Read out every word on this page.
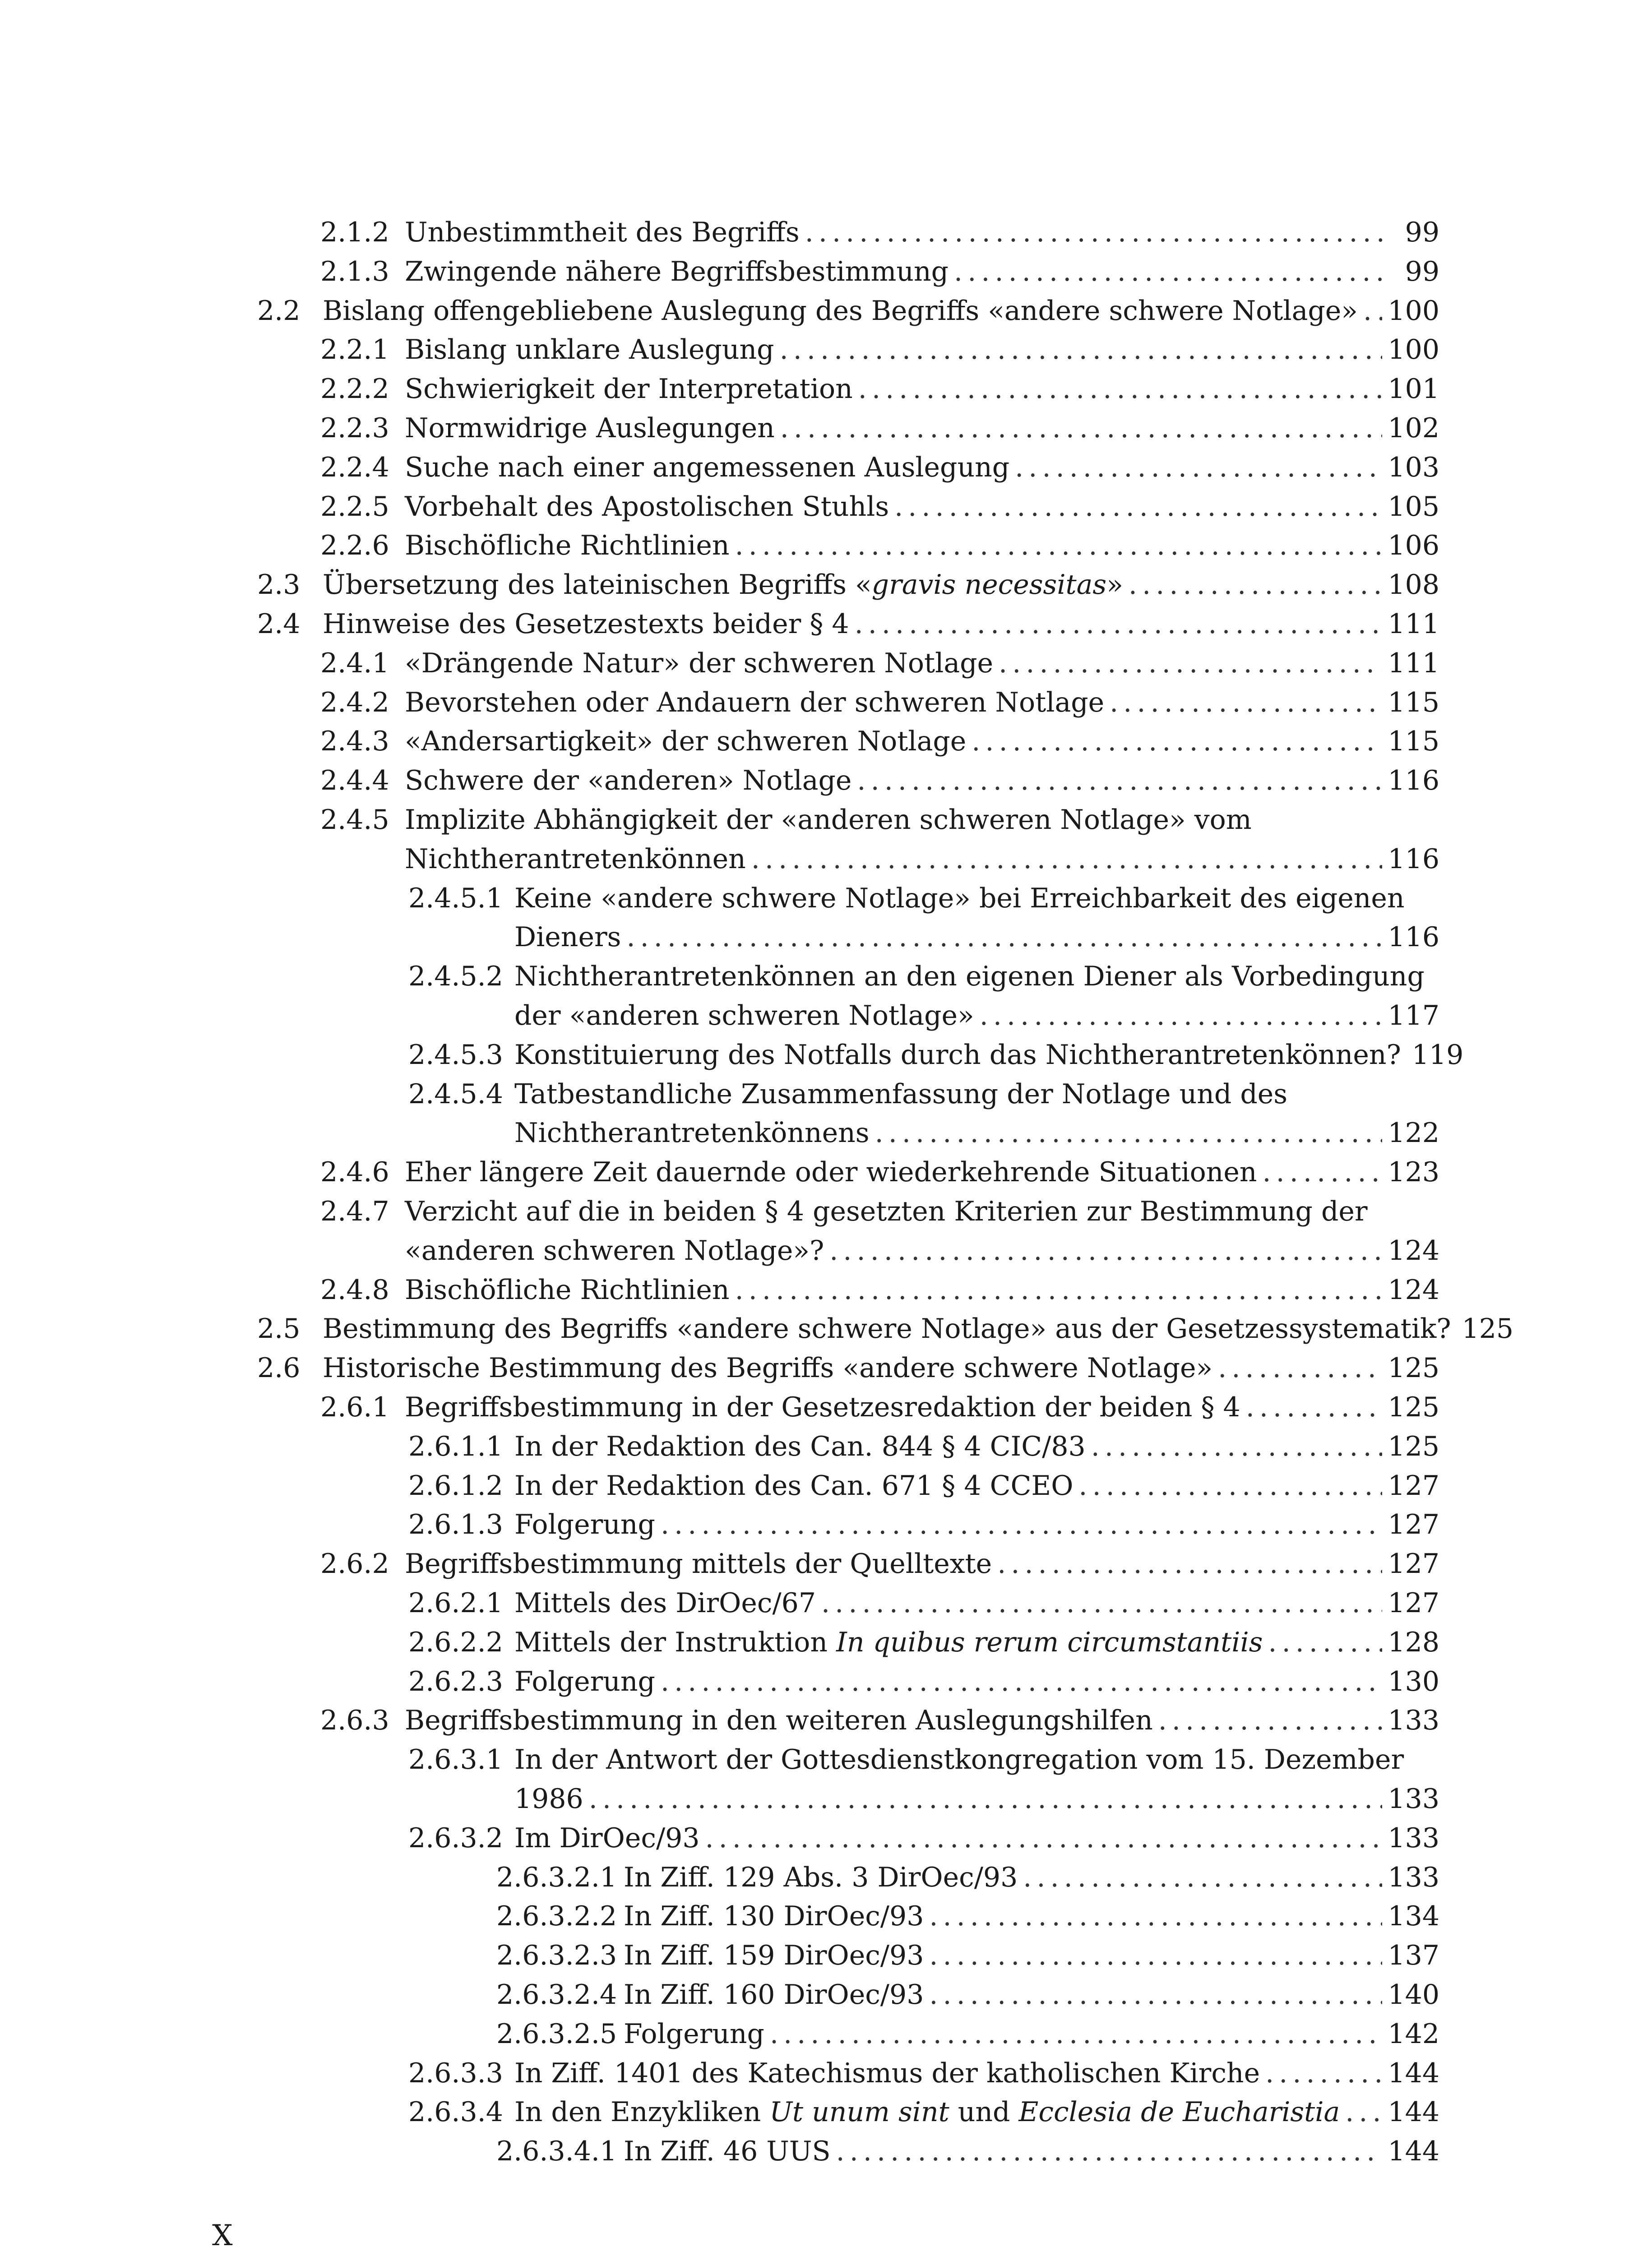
2.1.2 Unbestimmtheit des Begriffs . . .	99
2.1.3 Zwingende nähere Begriffsbestimmung . . .	99
2.2 Bislang offengebliebene Auslegung des Begriffs «andere schwere Notlage» . . . 100
2.2.1 Bislang unklare Auslegung . . .	100
2.2.2 Schwierigkeit der Interpretation . . .	101
2.2.3 Normwidrige Auslegungen . . .	102
2.2.4 Suche nach einer angemessenen Auslegung . . .	103
2.2.5 Vorbehalt des Apostolischen Stuhls . . .	105
2.2.6 Bischöfliche Richtlinien . . .	106
2.3 Übersetzung des lateinischen Begriffs «gravis necessitas» . . .	108
2.4 Hinweise des Gesetzestexts beider § 4 . . .	111
2.4.1 «Drängende Natur» der schweren Notlage . . .	111
2.4.2 Bevorstehen oder Andauern der schweren Notlage . . .	115
2.4.3 «Andersartigkeit» der schweren Notlage . . .	115
2.4.4 Schwere der «anderen» Notlage . . .	116
2.4.5 Implizite Abhängigkeit der «anderen schweren Notlage» vom
Nichtherantretenkönnen . . .	116
2.4.5.1 Keine «andere schwere Notlage» bei Erreichbarkeit des eigenen
Dieners . . .	116
2.4.5.2 Nichtherantretenkönnen an den eigenen Diener als Vorbedingung
der «anderen schweren Notlage» . . .	117
2.4.5.3 Konstituierung des Notfalls durch das Nichtherantretenkönnen? 119
2.4.5.4 Tatbestandliche Zusammenfassung der Notlage und des
Nichtherantretenkönnens . . .	122
2.4.6 Eher längere Zeit dauernde oder wiederkehrende Situationen . . .	123
2.4.7 Verzicht auf die in beiden § 4 gesetzten Kriterien zur Bestimmung der
«anderen schweren Notlage»? . . .	124
2.4.8 Bischöfliche Richtlinien . . .	124
2.5 Bestimmung des Begriffs «andere schwere Notlage» aus der Gesetzessystematik? 125
2.6 Historische Bestimmung des Begriffs «andere schwere Notlage» . . .	125
2.6.1 Begriffsbestimmung in der Gesetzesredaktion der beiden § 4 . . .	125
2.6.1.1 In der Redaktion des Can. 844 § 4 CIC/83 . . .	125
2.6.1.2 In der Redaktion des Can. 671 § 4 CCEO . . .	127
2.6.1.3 Folgerung . . .	127
2.6.2 Begriffsbestimmung mittels der Quelltexte . . .	127
2.6.2.1 Mittels des DirOec/67 . . .	127
2.6.2.2 Mittels der Instruktion In quibus rerum circumstantiis . . .	128
2.6.2.3 Folgerung . . .	130
2.6.3 Begriffsbestimmung in den weiteren Auslegungshilfen . . .	133
2.6.3.1 In der Antwort der Gottesdienstkongregation vom 15. Dezember
1986 . . .	133
2.6.3.2 Im DirOec/93 . . .	133
2.6.3.2.1 In Ziff. 129 Abs. 3 DirOec/93 . . .	133
2.6.3.2.2 In Ziff. 130 DirOec/93 . . .	134
2.6.3.2.3 In Ziff. 159 DirOec/93 . . .	137
2.6.3.2.4 In Ziff. 160 DirOec/93 . . .	140
2.6.3.2.5 Folgerung . . .	142
2.6.3.3 In Ziff. 1401 des Katechismus der katholischen Kirche . . .	144
2.6.3.4 In den Enzykliken Ut unum sint und Ecclesia de Eucharistia . . . 144
2.6.3.4.1 In Ziff. 46 UUS . . .	144
X
